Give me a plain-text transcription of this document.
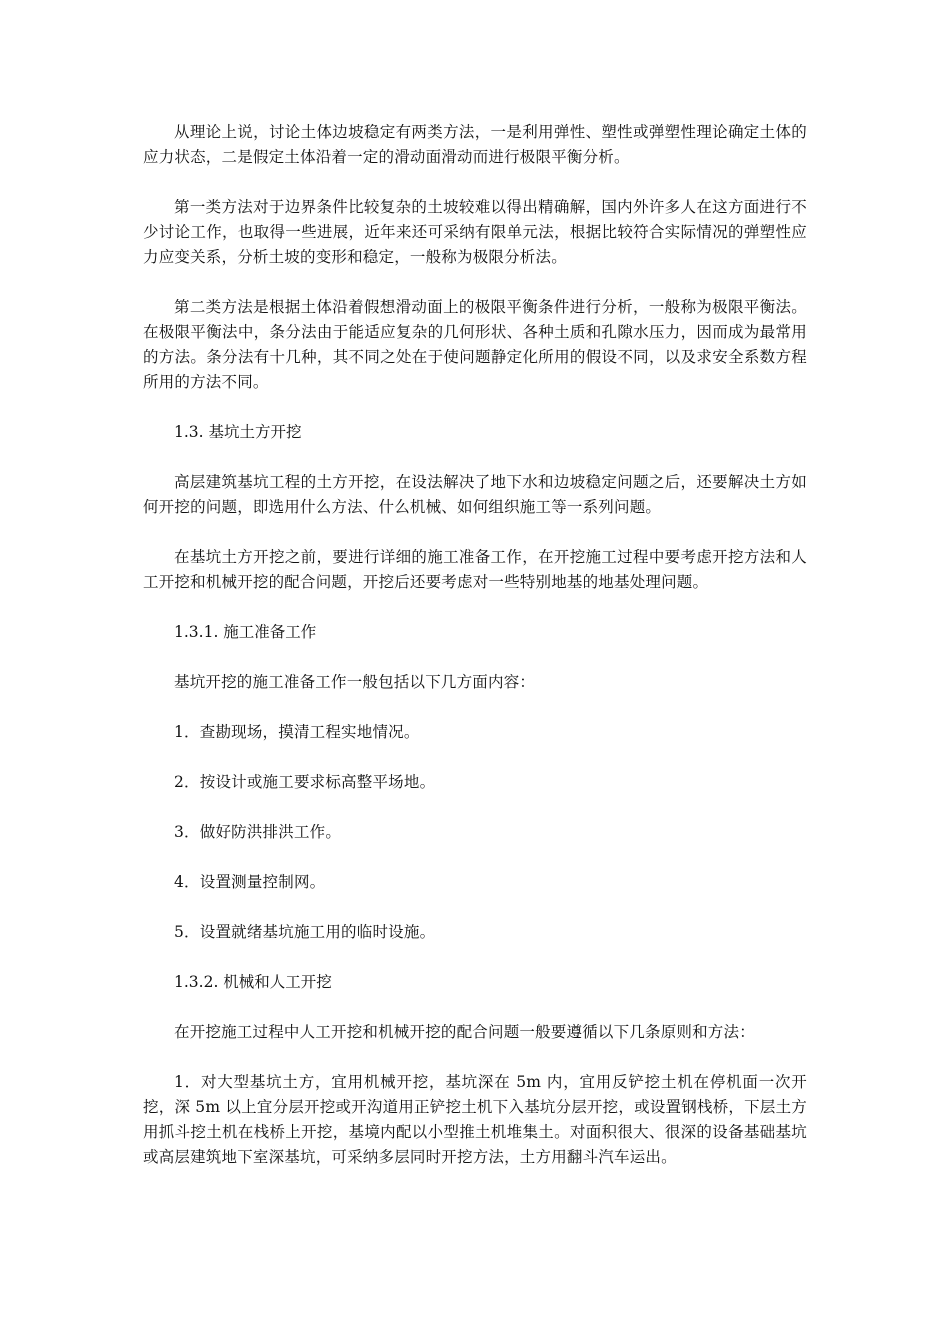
从理论上说，讨论土体边坡稳定有两类方法，一是利用弹性、塑性或弹塑性理论确定土体的应力状态，二是假定土体沿着一定的滑动面滑动而进行极限平衡分析。

第一类方法对于边界条件比较复杂的土坡较难以得出精确解，国内外许多人在这方面进行不少讨论工作，也取得一些进展，近年来还可采纳有限单元法，根据比较符合实际情况的弹塑性应力应变关系，分析土坡的变形和稳定，一般称为极限分析法。

第二类方法是根据土体沿着假想滑动面上的极限平衡条件进行分析，一般称为极限平衡法。在极限平衡法中，条分法由于能适应复杂的几何形状、各种土质和孔隙水压力，因而成为最常用的方法。条分法有十几种，其不同之处在于使问题静定化所用的假设不同，以及求安全系数方程所用的方法不同。

1.3. 基坑土方开挖

高层建筑基坑工程的土方开挖，在设法解决了地下水和边坡稳定问题之后，还要解决土方如何开挖的问题，即选用什么方法、什么机械、如何组织施工等一系列问题。

在基坑土方开挖之前，要进行详细的施工准备工作，在开挖施工过程中要考虑开挖方法和人工开挖和机械开挖的配合问题，开挖后还要考虑对一些特别地基的地基处理问题。

1.3.1. 施工准备工作

基坑开挖的施工准备工作一般包括以下几方面内容：

1．查勘现场，摸清工程实地情况。

2．按设计或施工要求标高整平场地。

3．做好防洪排洪工作。

4．设置测量控制网。

5．设置就绪基坑施工用的临时设施。

1.3.2. 机械和人工开挖

在开挖施工过程中人工开挖和机械开挖的配合问题一般要遵循以下几条原则和方法：

1．对大型基坑土方，宜用机械开挖，基坑深在 5m 内，宜用反铲挖土机在停机面一次开挖，深 5m 以上宜分层开挖或开沟道用正铲挖土机下入基坑分层开挖，或设置钢栈桥，下层土方用抓斗挖土机在栈桥上开挖，基境内配以小型推土机堆集土。对面积很大、很深的设备基础基坑或高层建筑地下室深基坑，可采纳多层同时开挖方法，土方用翻斗汽车运出。
